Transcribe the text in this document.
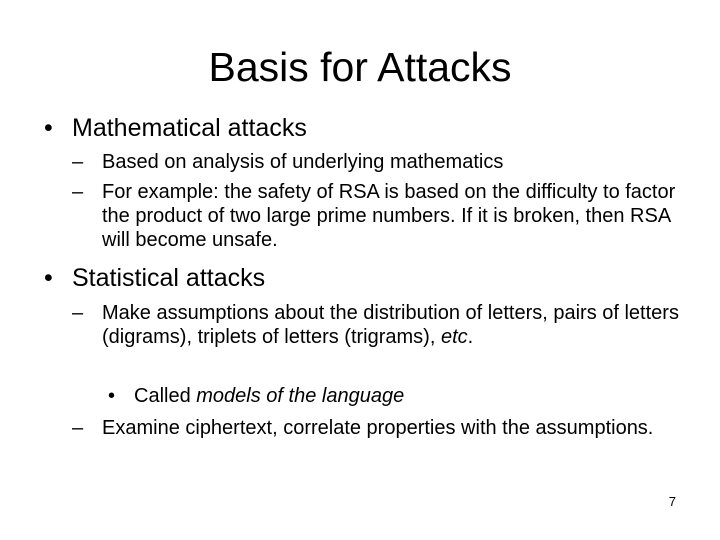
Basis for Attacks
• Mathematical attacks
– Based on analysis of underlying mathematics
– For example: the safety of RSA is based on the difficulty to factor the product of two large prime numbers. If it is broken, then RSA will become unsafe.
• Statistical attacks
– Make assumptions about the distribution of letters, pairs of letters (digrams), triplets of letters (trigrams), etc.
• Called models of the language
– Examine ciphertext, correlate properties with the assumptions.
7
